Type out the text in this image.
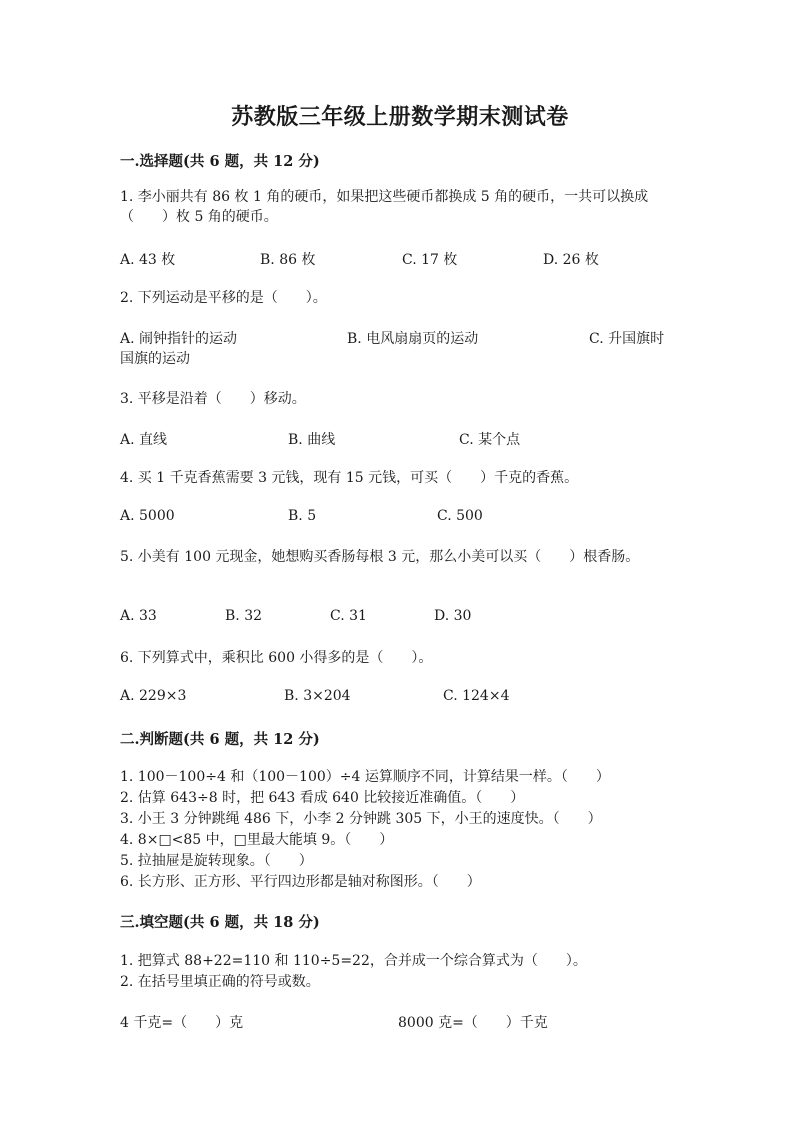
苏教版三年级上册数学期末测试卷
一.选择题(共 6 题，共 12 分)
1. 李小丽共有 86 枚 1 角的硬币，如果把这些硬币都换成 5 角的硬币，一共可以换成（　　）枚 5 角的硬币。
A. 43 枚	B. 86 枚	C. 17 枚	D. 26 枚
2. 下列运动是平移的是（　　）。
A. 闹钟指针的运动	B. 电风扇扇页的运动	C. 升国旗时
国旗的运动
3. 平移是沿着（　　）移动。
A. 直线	B. 曲线	C. 某个点
4. 买 1 千克香蕉需要 3 元钱，现有 15 元钱，可买（　　）千克的香蕉。
A. 5000	B. 5	C. 500
5. 小美有 100 元现金，她想购买香肠每根 3 元，那么小美可以买（　　）根香肠。
A. 33	B. 32	C. 31	D. 30
6. 下列算式中，乘积比 600 小得多的是（　　）。
A. 229×3	B. 3×204	C. 124×4
二.判断题(共 6 题，共 12 分)
1. 100－100÷4 和（100－100）÷4 运算顺序不同，计算结果一样。（　　）
2. 估算 643÷8 时，把 643 看成 640 比较接近准确值。（　　）
3. 小王 3 分钟跳绳 486 下，小李 2 分钟跳 305 下，小王的速度快。（　　）
4. 8×□<85 中，□里最大能填 9。（　　）
5. 拉抽屉是旋转现象。（　　）
6. 长方形、正方形、平行四边形都是轴对称图形。（　　）
三.填空题(共 6 题，共 18 分)
1. 把算式 88+22=110 和 110÷5=22，合并成一个综合算式为（　　）。
2. 在括号里填正确的符号或数。
4 千克=（　　）克	8000 克=（　　）千克
